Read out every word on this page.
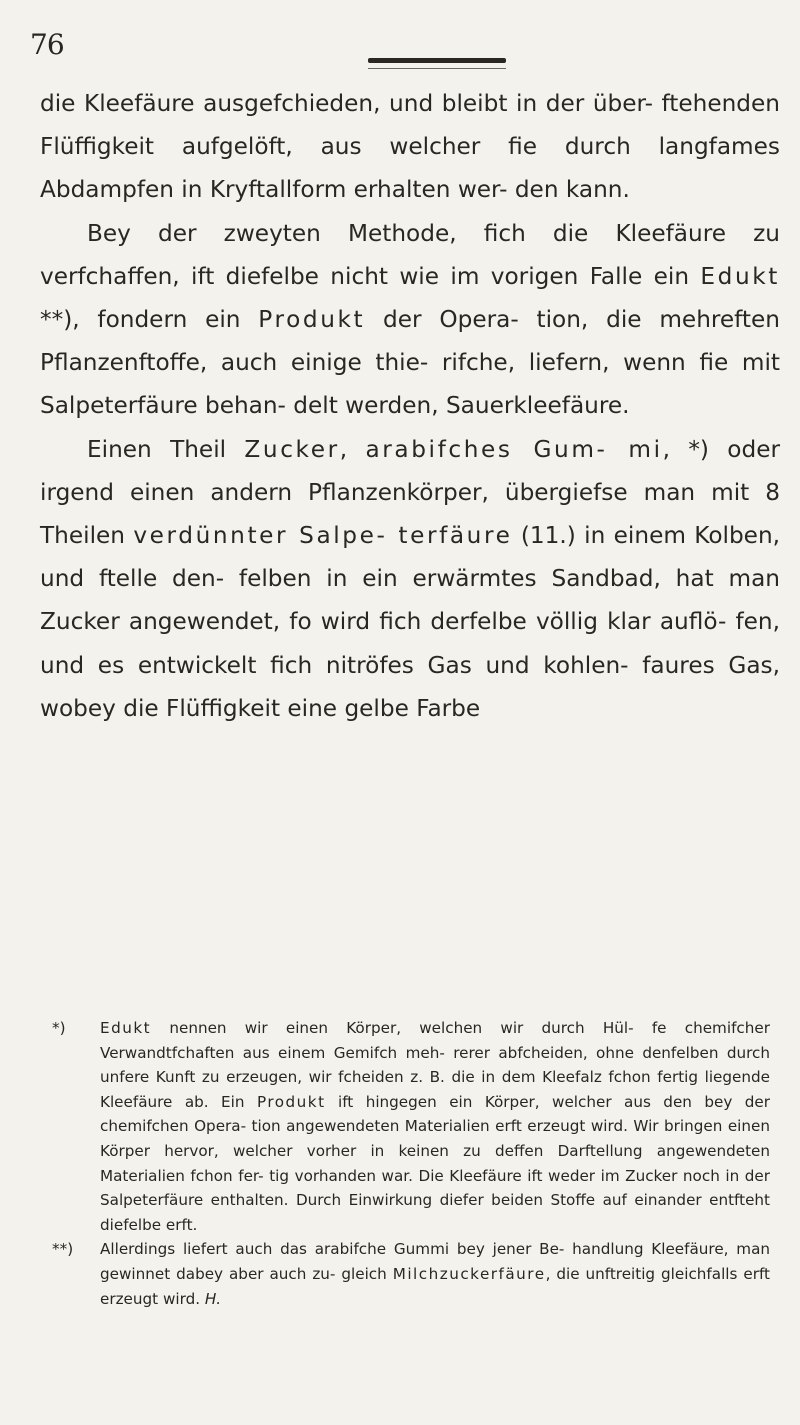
76

die Kleefäure ausgefchieden, und bleibt in der über- ftehenden Flüffigkeit aufgelöft, aus welcher fie durch langfames Abdampfen in Kryftallform erhalten wer- den kann.

Bey der zweyten Methode, fich die Kleefäure zu verfchaffen, ift diefelbe nicht wie im vorigen Falle ein Edukt **), fondern ein Produkt der Opera- tion, die mehreften Pflanzenftoffe, auch einige thie- rifche, liefern, wenn fie mit Salpeterfäure behan- delt werden, Sauerkleefäure.

Einen Theil Zucker, arabifches Gum- mi, *) oder irgend einen andern Pflanzenkörper, übergiefse man mit 8 Theilen verdünnter Salpe- terfäure (11.) in einem Kolben, und ftelle den- felben in ein erwärmtes Sandbad, hat man Zucker angewendet, fo wird fich derfelbe völlig klar auflö- fen, und es entwickelt fich nitröfes Gas und kohlen- faures Gas, wobey die Flüffigkeit eine gelbe Farbe

*) Edukt nennen wir einen Körper, welchen wir durch Hül- fe chemifcher Verwandtfchaften aus einem Gemifch meh- rerer abfcheiden, ohne denfelben durch unfere Kunft zu erzeugen, wir fcheiden z. B. die in dem Kleefalz fchon fertig liegende Kleefäure ab. Ein Produkt ift hingegen ein Körper, welcher aus den bey der chemifchen Opera- tion angewendeten Materialien erft erzeugt wird. Wir bringen einen Körper hervor, welcher vorher in keinen zu deffen Darftellung angewendeten Materialien fchon fer- tig vorhanden war. Die Kleefäure ift weder im Zucker noch in der Salpeterfäure enthalten. Durch Einwirkung diefer beiden Stoffe auf einander entfteht diefelbe erft.

**) Allerdings liefert auch das arabifche Gummi bey jener Be- handlung Kleefäure, man gewinnet dabey aber auch zu- gleich Milchzuckerfäure, die unftreitig gleichfalls erft erzeugt wird. H.
